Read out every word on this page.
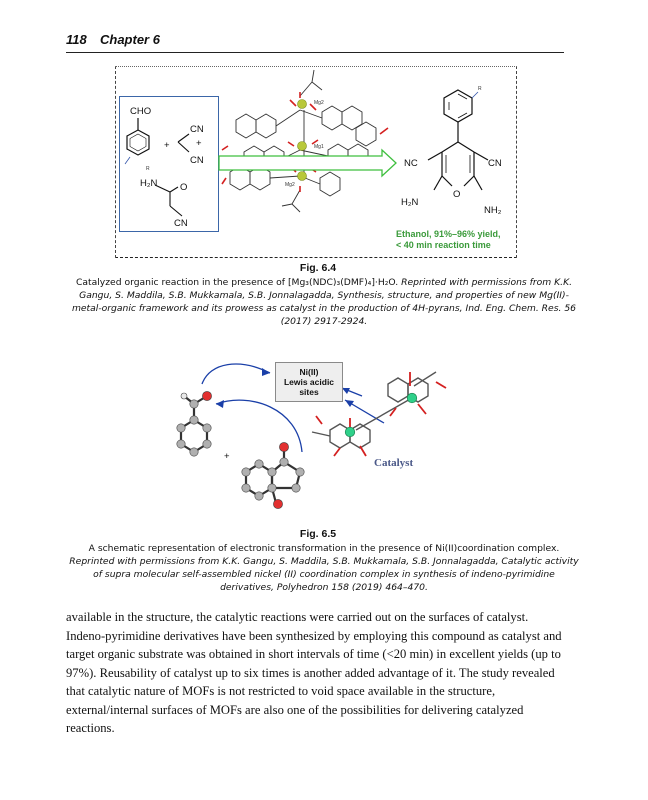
118 Chapter 6
CHO
R
+
CN
+
CN
H₂N O
CN
Mg2
Mg1
Mg2
R
NC	CN
H₂N
O
NH₂
Ethanol, 91%–96% yield,
< 40 min reaction time
Fig. 6.4
Catalyzed organic reaction in the presence of [Mg₃(NDC)₃(DMF)₄]·H₂O. Reprinted with permissions from K.K. Gangu, S. Maddila, S.B. Mukkamala, S.B. Jonnalagadda, Synthesis, structure, and properties of new Mg(II)-metal-organic framework and its prowess as catalyst in the production of 4H-pyrans, Ind. Eng. Chem. Res. 56 (2017) 2917-2924.
+
Ni(II)
Lewis acidic
sites
Catalyst
Fig. 6.5
A schematic representation of electronic transformation in the presence of Ni(II)coordination complex. Reprinted with permissions from K.K. Gangu, S. Maddila, S.B. Mukkamala, S.B. Jonnalagadda, Catalytic activity of supra molecular self-assembled nickel (II) coordination complex in synthesis of indeno-pyrimidine derivatives, Polyhedron 158 (2019) 464–470.
available in the structure, the catalytic reactions were carried out on the surfaces of catalyst. Indeno-pyrimidine derivatives have been synthesized by employing this compound as catalyst and target organic substrate was obtained in short intervals of time (<20 min) in excellent yields (up to 97%). Reusability of catalyst up to six times is another added advantage of it. The study revealed that catalytic nature of MOFs is not restricted to void space available in the structure, external/internal surfaces of MOFs are also one of the possibilities for delivering catalyzed reactions.
